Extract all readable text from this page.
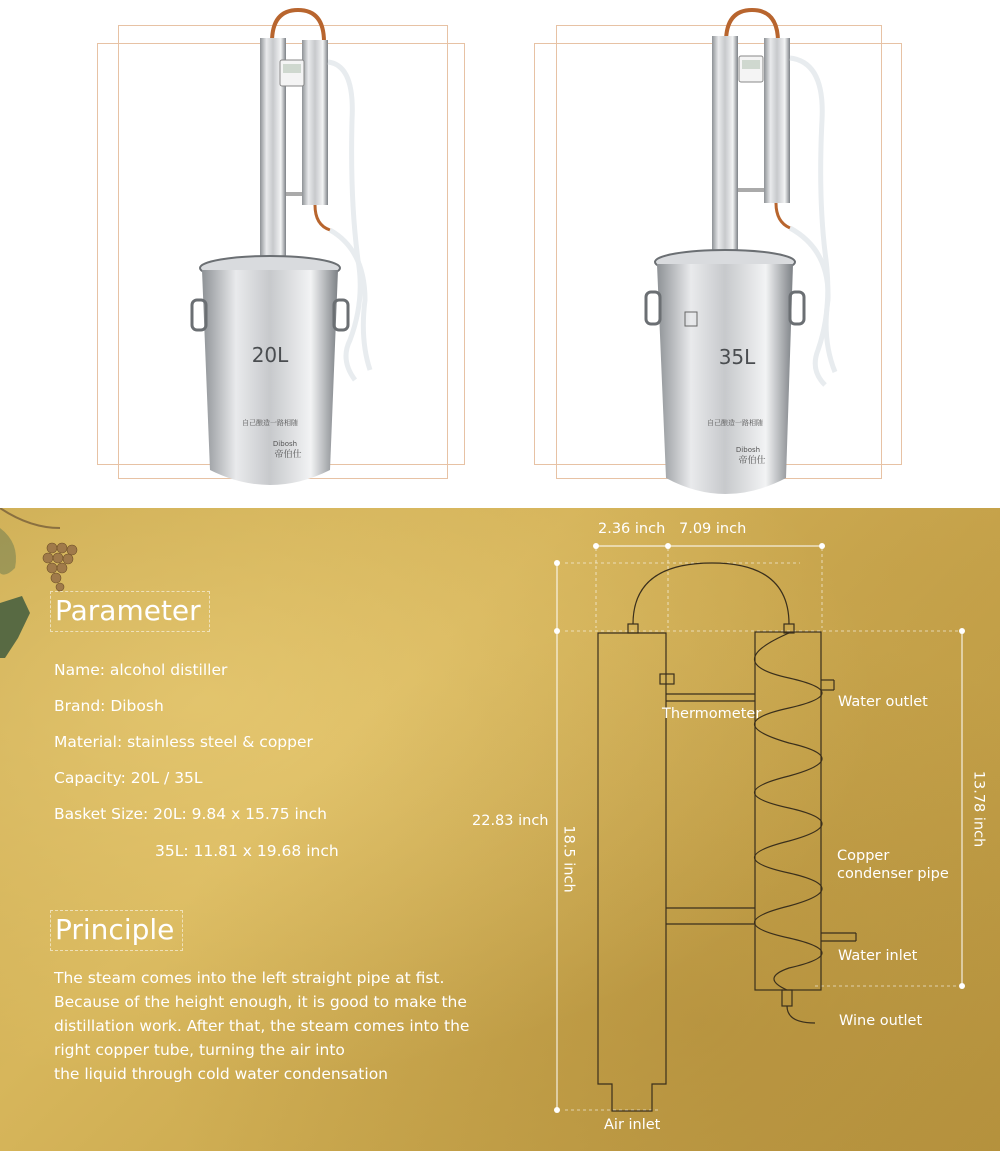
20L
自己酿造一路相随
Dibosh
帝伯仕
35L
自己酿造一路相随
Dibosh
帝伯仕
Parameter
Name: alcohol distiller
Brand: Dibosh
Material: stainless steel & copper
Capacity: 20L / 35L
Basket Size: 20L: 9.84 x 15.75 inch
35L: 11.81 x 19.68 inch
Principle
The steam comes into the left straight pipe at fist.
Because of the height enough, it is good to make the
distillation work. After that, the steam comes into the
right copper tube, turning the air into
the liquid through cold water condensation
2.36 inch 7.09 inch
22.83 inch
18.5 inch
13.78 inch
Thermometer
Water outlet
Copper
condenser pipe
Water inlet
Wine outlet
Air inlet
